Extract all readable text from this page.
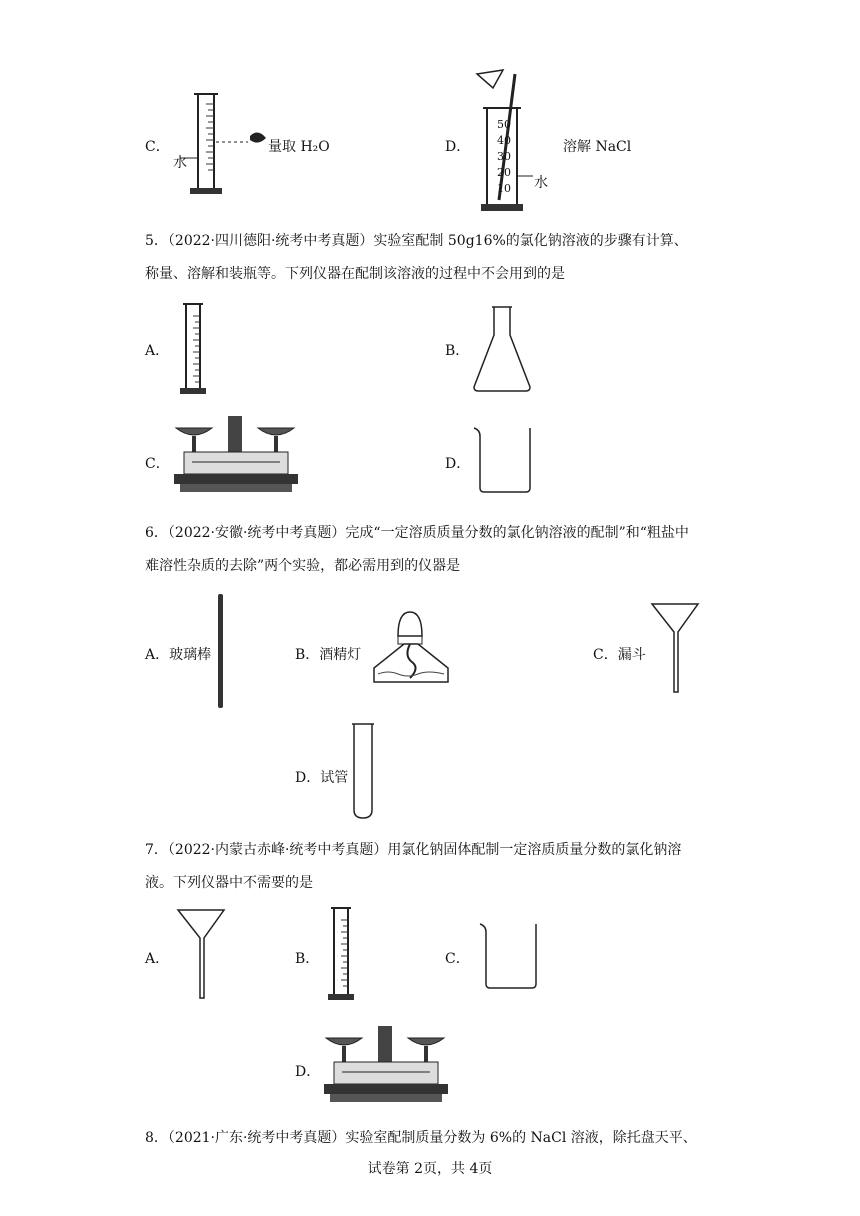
C．
水
量取 H₂O	D．
50
40
30
20
10 水
溶解 NaCl

5．（2022·四川德阳·统考中考真题）实验室配制 50g16%的氯化钠溶液的步骤有计算、

称量、溶解和装瓶等。下列仪器在配制该溶液的过程中不会用到的是

A．	B．
C．	D．

6．（2022·安徽·统考中考真题）完成“一定溶质质量分数的氯化钠溶液的配制”和“粗盐中

难溶性杂质的去除”两个实验，都必需用到的仪器是

A．玻璃棒	B．酒精灯	C．漏斗
D．试管

7．（2022·内蒙古赤峰·统考中考真题）用氯化钠固体配制一定溶质质量分数的氯化钠溶

液。下列仪器中不需要的是

A．	B．	C．
D．

8．（2021·广东·统考中考真题）实验室配制质量分数为 6%的 NaCl 溶液，除托盘天平、

试卷第 2页，共 4页
